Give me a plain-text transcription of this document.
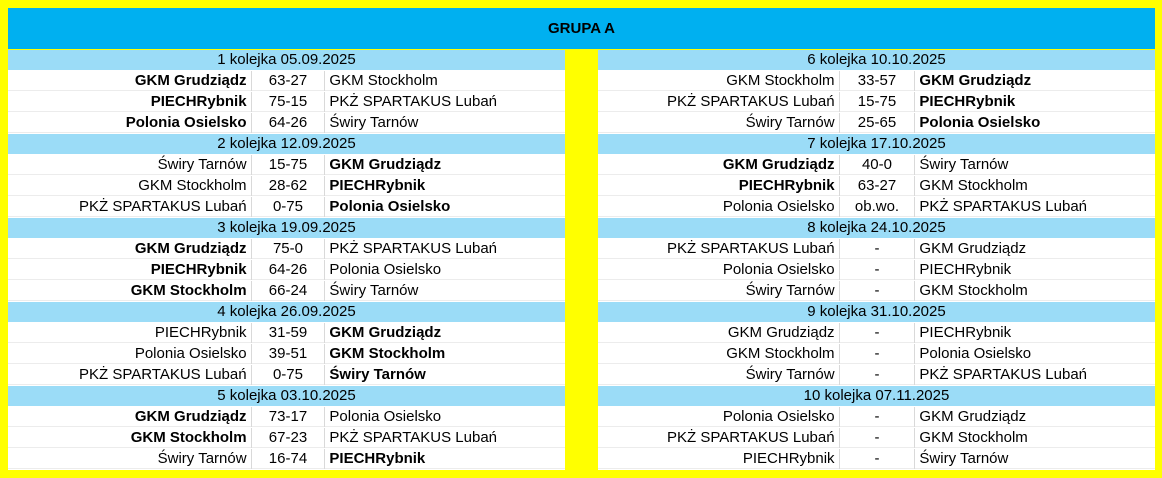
GRUPA A
1 kolejka 05.09.2025
GKM Grudziądz	63-27	GKM Stockholm
PIECHRybnik	75-15	PKŻ SPARTAKUS Lubań
Polonia Osielsko	64-26	Świry Tarnów
2 kolejka 12.09.2025
Świry Tarnów	15-75	GKM Grudziądz
GKM Stockholm	28-62	PIECHRybnik
PKŻ SPARTAKUS Lubań	0-75	Polonia Osielsko
3 kolejka 19.09.2025
GKM Grudziądz	75-0	PKŻ SPARTAKUS Lubań
PIECHRybnik	64-26	Polonia Osielsko
GKM Stockholm	66-24	Świry Tarnów
4 kolejka 26.09.2025
PIECHRybnik	31-59	GKM Grudziądz
Polonia Osielsko	39-51	GKM Stockholm
PKŻ SPARTAKUS Lubań	0-75	Świry Tarnów
5 kolejka 03.10.2025
GKM Grudziądz	73-17	Polonia Osielsko
GKM Stockholm	67-23	PKŻ SPARTAKUS Lubań
Świry Tarnów	16-74	PIECHRybnik
6 kolejka 10.10.2025
GKM Stockholm	33-57	GKM Grudziądz
PKŻ SPARTAKUS Lubań	15-75	PIECHRybnik
Świry Tarnów	25-65	Polonia Osielsko
7 kolejka 17.10.2025
GKM Grudziądz	40-0	Świry Tarnów
PIECHRybnik	63-27	GKM Stockholm
Polonia Osielsko	ob.wo.	PKŻ SPARTAKUS Lubań
8 kolejka 24.10.2025
PKŻ SPARTAKUS Lubań	-	GKM Grudziądz
Polonia Osielsko	-	PIECHRybnik
Świry Tarnów	-	GKM Stockholm
9 kolejka 31.10.2025
GKM Grudziądz	-	PIECHRybnik
GKM Stockholm	-	Polonia Osielsko
Świry Tarnów	-	PKŻ SPARTAKUS Lubań
10 kolejka 07.11.2025
Polonia Osielsko	-	GKM Grudziądz
PKŻ SPARTAKUS Lubań	-	GKM Stockholm
PIECHRybnik	-	Świry Tarnów
